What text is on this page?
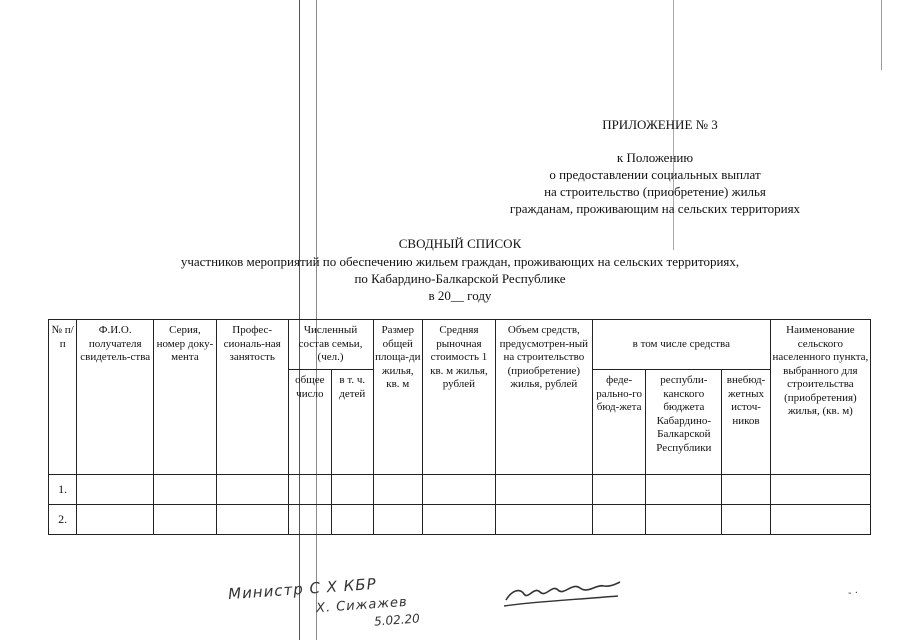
ПРИЛОЖЕНИЕ № 3
к Положению
о предоставлении социальных выплат
на строительство (приобретение) жилья
гражданам, проживающим на сельских территориях
СВОДНЫЙ СПИСОК
участников мероприятий по обеспечению жильем граждан, проживающих на сельских территориях,
по Кабардино-Балкарской Республике
в 20__ году
№ п/п	Ф.И.О. получателя свидетель-ства	Серия, номер доку-мента	Профес-сиональ-ная занятость	Численный состав семьи, (чел.)		Размер общей площа-ди жилья, кв. м	Средняя рыночная стоимость 1 кв. м жилья, рублей	Объем средств, предусмотрен-ный на строительство (приобретение) жилья, рублей	в том числе средства			Наименование сельского населенного пункта, выбранного для строительства (приобретения) жилья, (кв. м)
				общее число	в т. ч. детей				феде-рально-го бюд-жета	республи-канского бюджета Кабардино-Балкарской Республики	внебюд-жетных источ-ников	
1.												
2.												
Министр С Х КБР
Х. Сижажев
5.02.20
- ·
